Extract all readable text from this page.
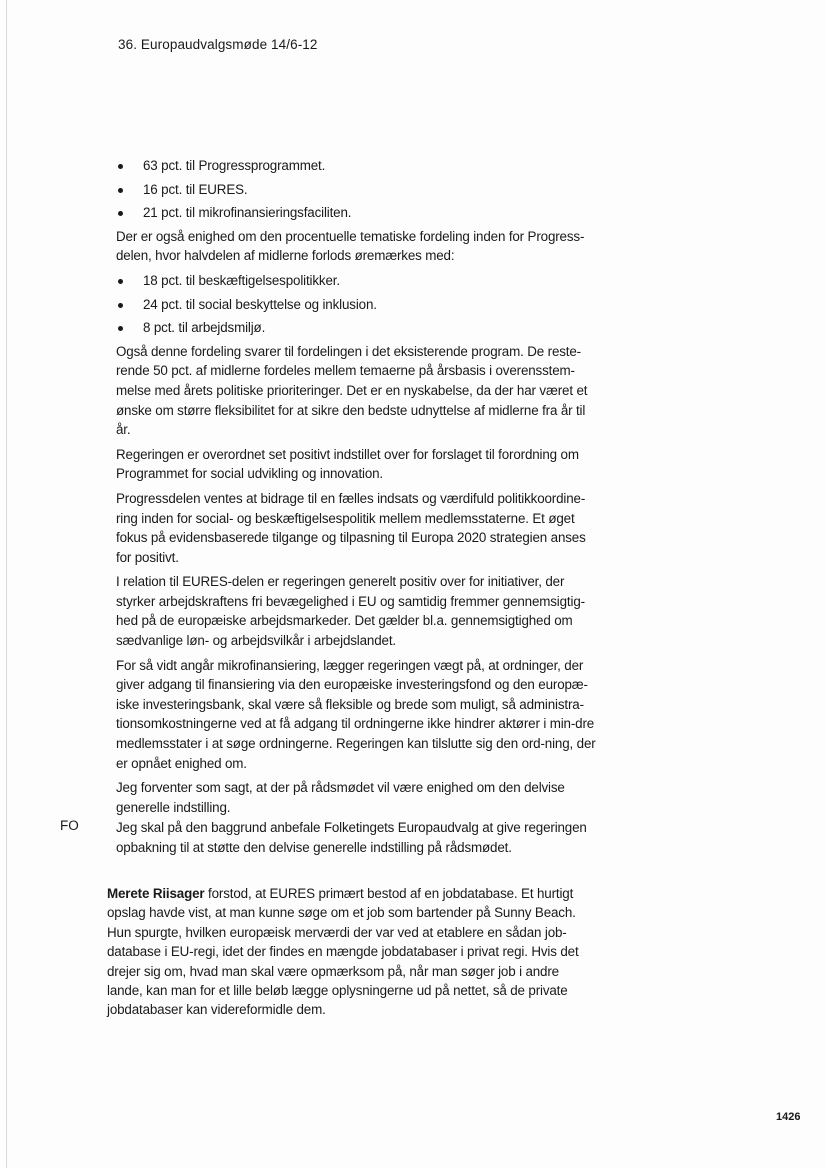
36. Europaudvalgsmøde 14/6-12
63 pct. til Progressprogrammet.
16 pct. til EURES.
21 pct. til mikrofinansieringsfaciliten.

Der er også enighed om den procentuelle tematiske fordeling inden for Progress-delen, hvor halvdelen af midlerne forlods øremærkes med:

18 pct. til beskæftigelsespolitikker.
24 pct. til social beskyttelse og inklusion.
8 pct. til arbejdsmiljø.

Også denne fordeling svarer til fordelingen i det eksisterende program. De reste-rende 50 pct. af midlerne fordeles mellem temaerne på årsbasis i overensstem-melse med årets politiske prioriteringer. Det er en nyskabelse, da der har været et ønske om større fleksibilitet for at sikre den bedste udnyttelse af midlerne fra år til år.

Regeringen er overordnet set positivt indstillet over for forslaget til forordning om Programmet for social udvikling og innovation.

Progressdelen ventes at bidrage til en fælles indsats og værdifuld politikkoordine-ring inden for social- og beskæftigelsespolitik mellem medlemsstaterne. Et øget fokus på evidensbaserede tilgange og tilpasning til Europa 2020 strategien anses for positivt.

I relation til EURES-delen er regeringen generelt positiv over for initiativer, der styrker arbejdskraftens fri bevægelighed i EU og samtidig fremmer gennemsigtig-hed på de europæiske arbejdsmarkeder. Det gælder bl.a. gennemsigtighed om sædvanlige løn- og arbejdsvilkår i arbejdslandet.

For så vidt angår mikrofinansiering, lægger regeringen vægt på, at ordninger, der giver adgang til finansiering via den europæiske investeringsfond og den europæ-iske investeringsbank, skal være så fleksible og brede som muligt, så administra-tionsomkostningerne ved at få adgang til ordningerne ikke hindrer aktører i min-dre medlemsstater i at søge ordningerne. Regeringen kan tilslutte sig den ord-ning, der er opnået enighed om.

Jeg forventer som sagt, at der på rådsmødet vil være enighed om den delvise generelle indstilling.

FO	Jeg skal på den baggrund anbefale Folketingets Europaudvalg at give regeringen opbakning til at støtte den delvise generelle indstilling på rådsmødet.

Merete Riisager forstod, at EURES primært bestod af en jobdatabase. Et hurtigt opslag havde vist, at man kunne søge om et job som bartender på Sunny Beach. Hun spurgte, hvilken europæisk merværdi der var ved at etablere en sådan job-database i EU-regi, idet der findes en mængde jobdatabaser i privat regi. Hvis det drejer sig om, hvad man skal være opmærksom på, når man søger job i andre lande, kan man for et lille beløb lægge oplysningerne ud på nettet, så de private jobdatabaser kan videreformidle dem.

1426
